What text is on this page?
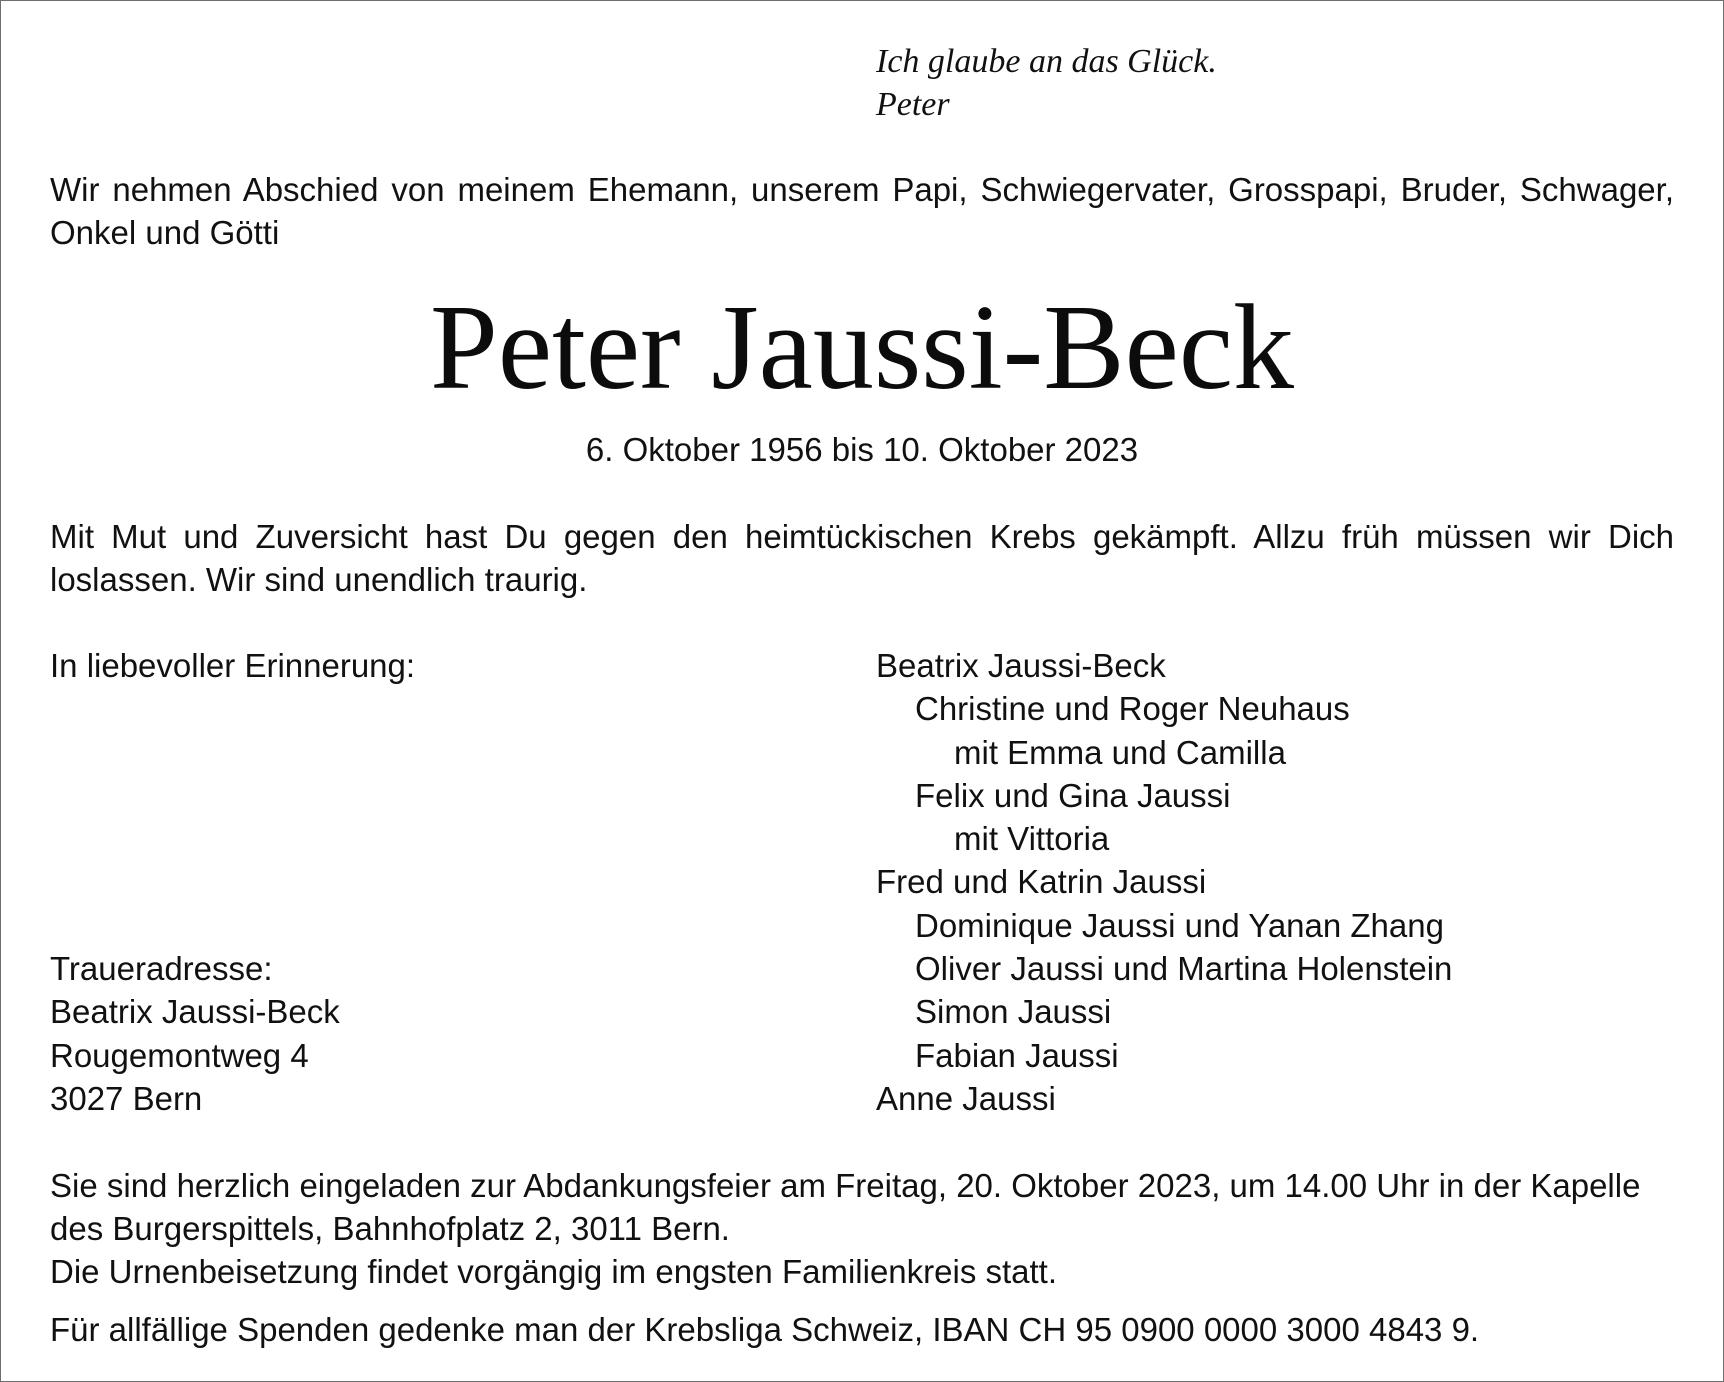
Ich glaube an das Glück.
Peter
Wir nehmen Abschied von meinem Ehemann, unserem Papi, Schwiegervater, Grosspapi, Bruder, Schwager, Onkel und Götti
Peter Jaussi-Beck
6. Oktober 1956 bis 10. Oktober 2023
Mit Mut und Zuversicht hast Du gegen den heimtückischen Krebs gekämpft. Allzu früh müssen wir Dich loslassen. Wir sind unendlich traurig.
In liebevoller Erinnerung:	Beatrix Jaussi-Beck
Christine und Roger Neuhaus
mit Emma und Camilla
Felix und Gina Jaussi
mit Vittoria
Fred und Katrin Jaussi
Dominique Jaussi und Yanan Zhang
Oliver Jaussi und Martina Holenstein
Simon Jaussi
Fabian Jaussi
Anne Jaussi
Traueradresse:
Beatrix Jaussi-Beck
Rougemontweg 4
3027 Bern
Sie sind herzlich eingeladen zur Abdankungsfeier am Freitag, 20. Oktober 2023, um 14.00 Uhr in der Kapelle des Burgerspittels, Bahnhofplatz 2, 3011 Bern.
Die Urnenbeisetzung findet vorgängig im engsten Familienkreis statt.
Für allfällige Spenden gedenke man der Krebsliga Schweiz, IBAN CH 95 0900 0000 3000 4843 9.
